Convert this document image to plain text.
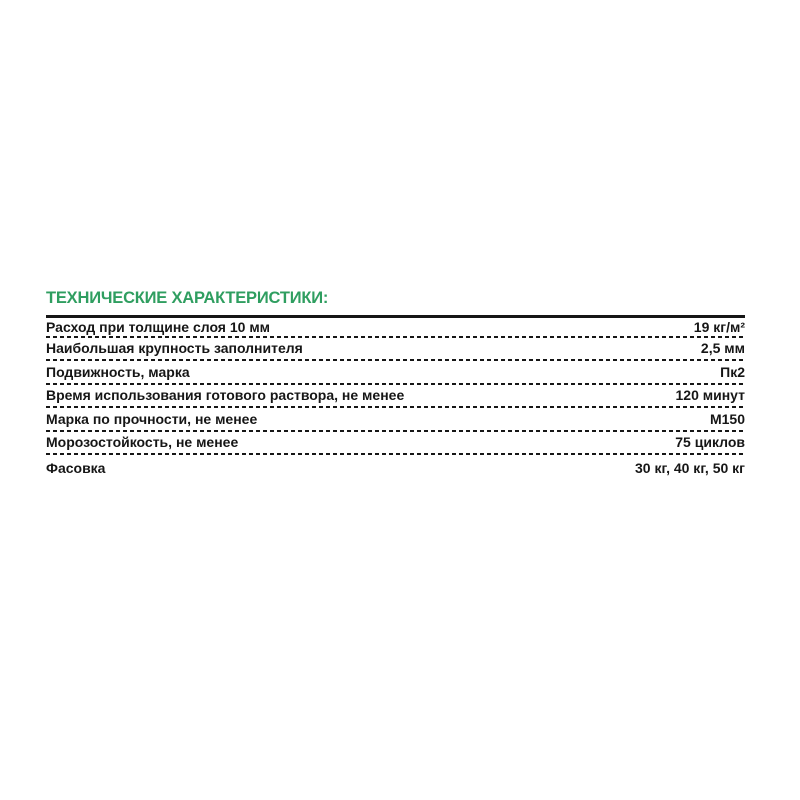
ТЕХНИЧЕСКИЕ ХАРАКТЕРИСТИКИ:
Расход при толщине слоя 10 мм	19 кг/м²
Наибольшая крупность заполнителя	2,5 мм
Подвижность, марка	Пк2
Время использования готового раствора, не менее	120 минут
Марка по прочности, не менее	М150
Морозостойкость, не менее	75 циклов
Фасовка	30 кг, 40 кг, 50 кг
